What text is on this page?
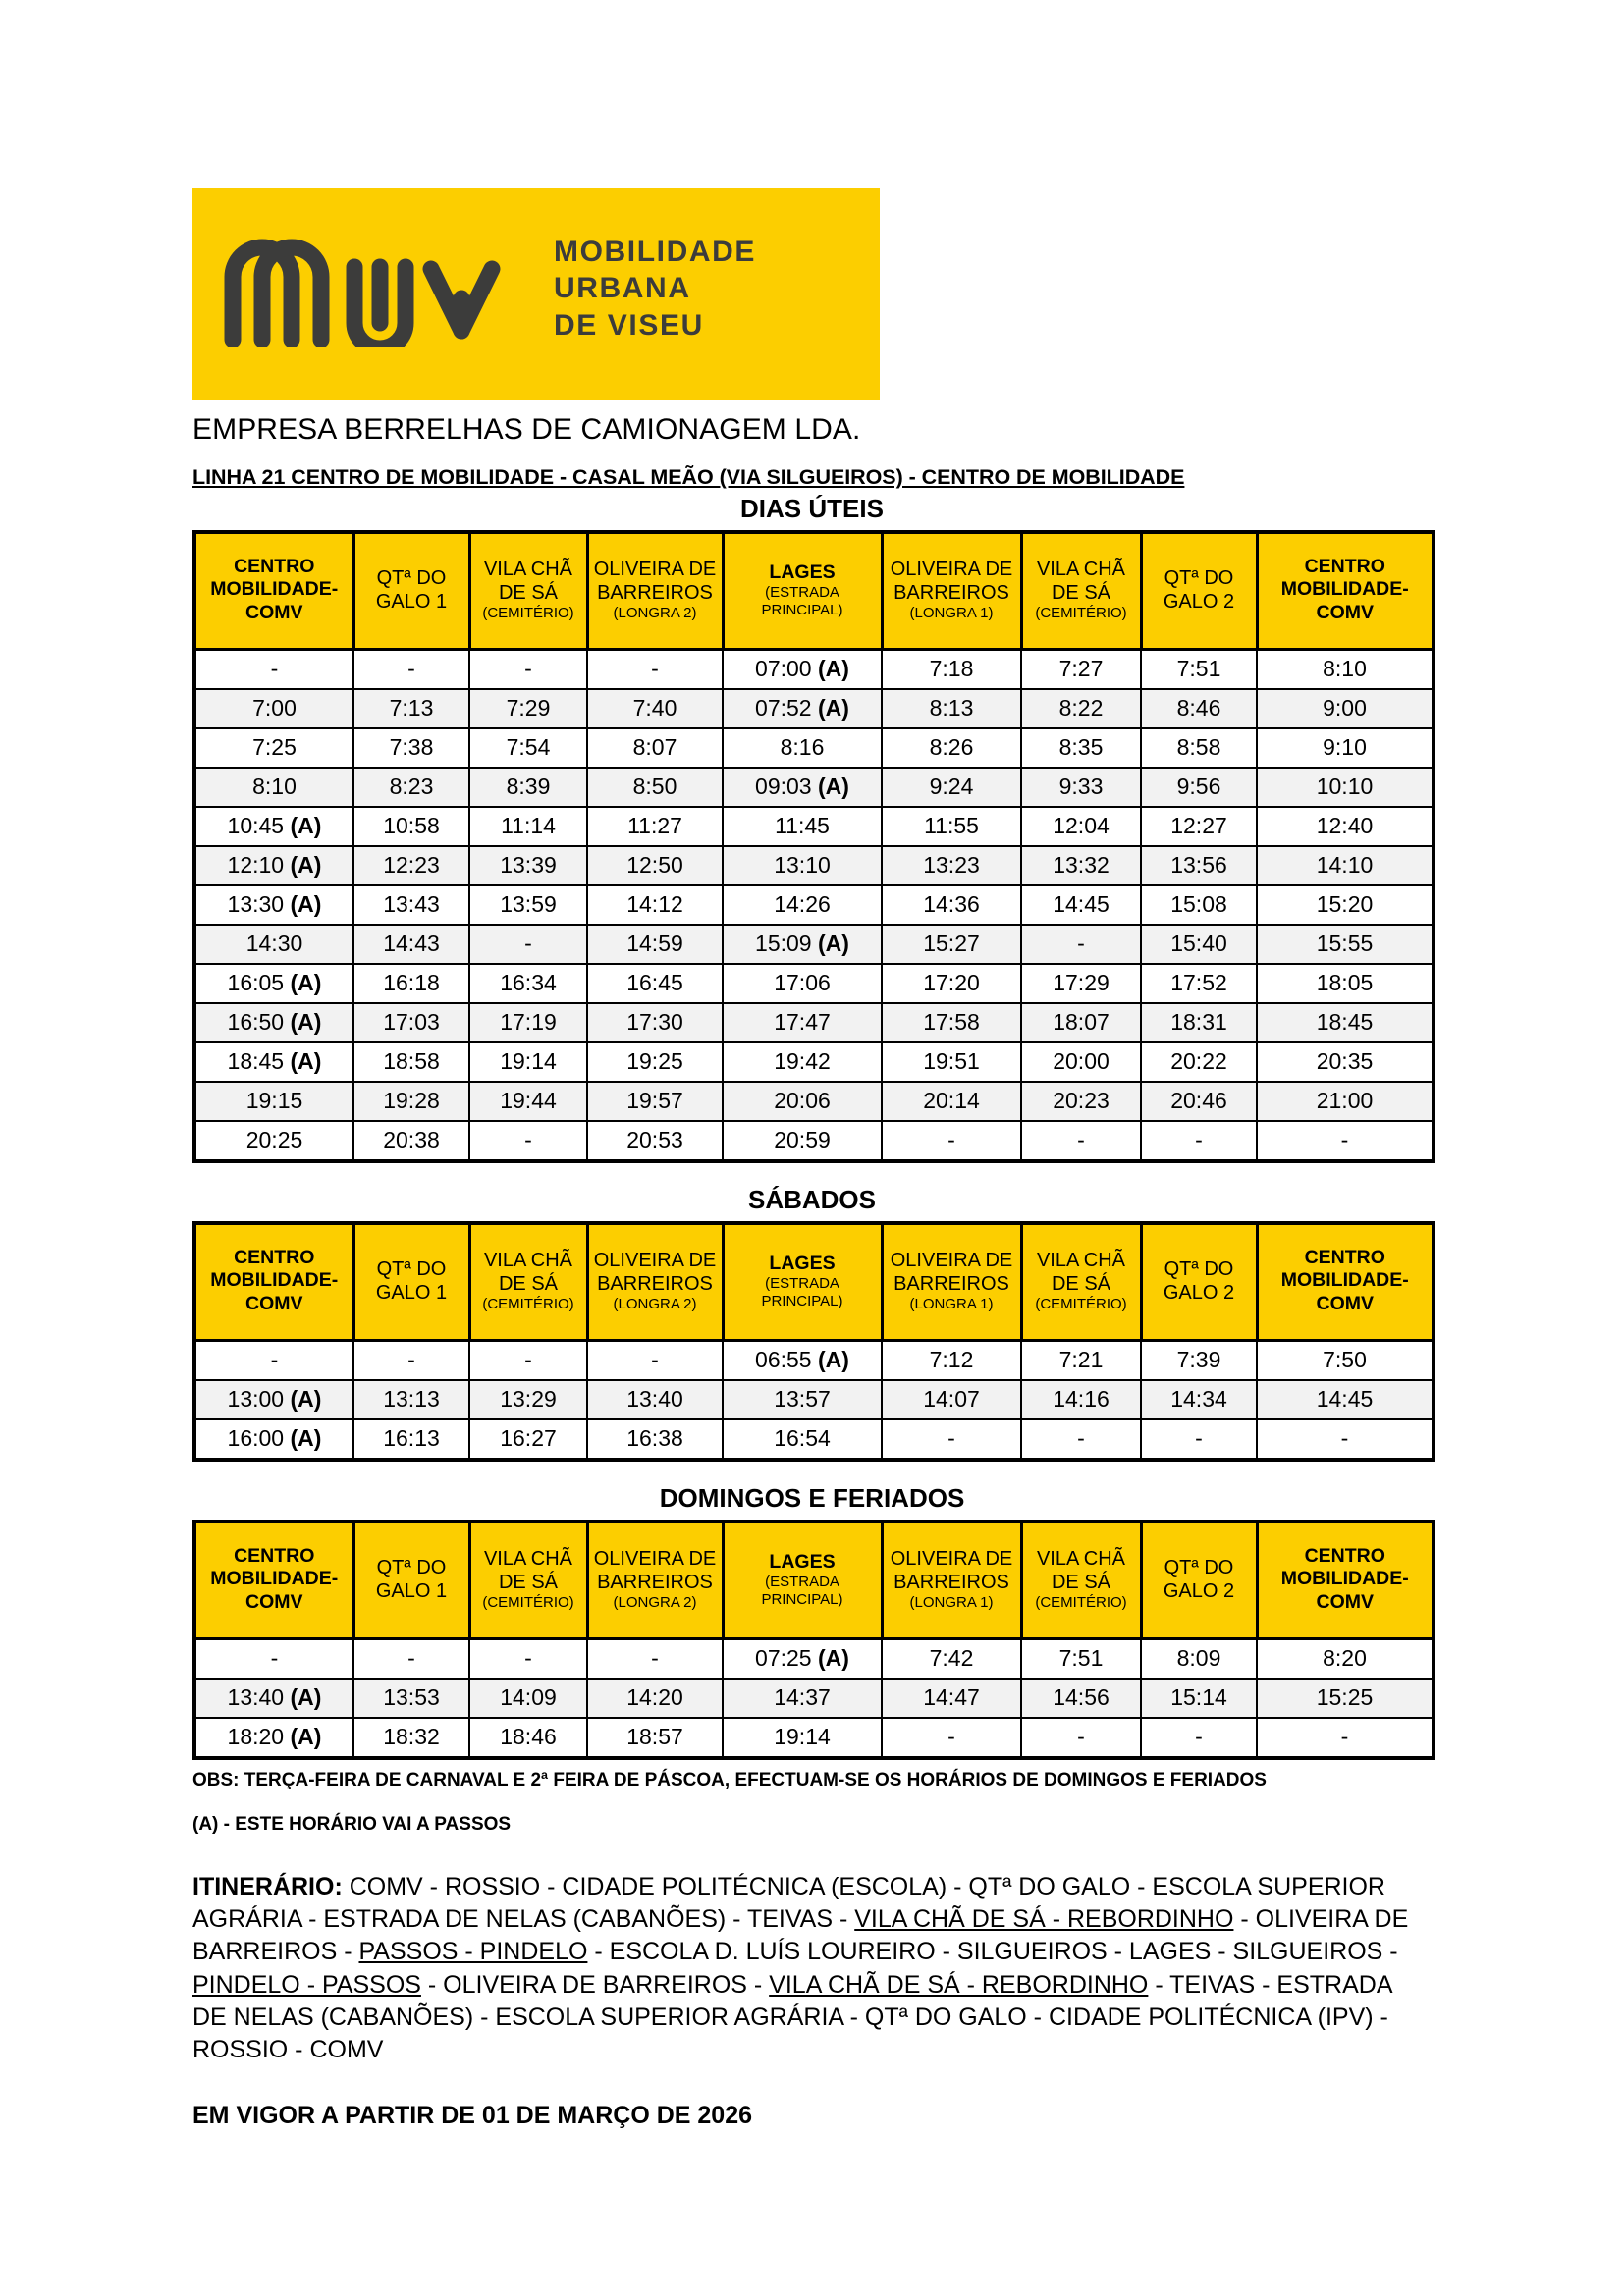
MOBILIDADE
URBANA
DE VISEU
EMPRESA BERRELHAS DE CAMIONAGEM LDA.
LINHA 21 CENTRO DE MOBILIDADE - CASAL MEÃO (VIA SILGUEIROS) - CENTRO DE MOBILIDADE
DIAS ÚTEIS
CENTRO
MOBILIDADE-
COMV	QTª DO
GALO 1	VILA CHÃ
DE SÁ
(CEMITÉRIO)	OLIVEIRA DE
BARREIROS
(LONGRA 2)	LAGES
(ESTRADA
PRINCIPAL)	OLIVEIRA DE
BARREIROS
(LONGRA 1)	VILA CHÃ
DE SÁ
(CEMITÉRIO)	QTª DO
GALO 2	CENTRO
MOBILIDADE-
COMV

-	-	-	-	07:00 (A)	7:18	7:27	7:51	8:10
7:00	7:13	7:29	7:40	07:52 (A)	8:13	8:22	8:46	9:00
7:25	7:38	7:54	8:07	8:16	8:26	8:35	8:58	9:10
8:10	8:23	8:39	8:50	09:03 (A)	9:24	9:33	9:56	10:10
10:45 (A)	10:58	11:14	11:27	11:45	11:55	12:04	12:27	12:40
12:10 (A)	12:23	13:39	12:50	13:10	13:23	13:32	13:56	14:10
13:30 (A)	13:43	13:59	14:12	14:26	14:36	14:45	15:08	15:20
14:30	14:43	-	14:59	15:09 (A)	15:27	-	15:40	15:55
16:05 (A)	16:18	16:34	16:45	17:06	17:20	17:29	17:52	18:05
16:50 (A)	17:03	17:19	17:30	17:47	17:58	18:07	18:31	18:45
18:45 (A)	18:58	19:14	19:25	19:42	19:51	20:00	20:22	20:35
19:15	19:28	19:44	19:57	20:06	20:14	20:23	20:46	21:00
20:25	20:38	-	20:53	20:59	-	-	-	-
SÁBADOS
CENTRO
MOBILIDADE-
COMV	QTª DO
GALO 1	VILA CHÃ
DE SÁ
(CEMITÉRIO)	OLIVEIRA DE
BARREIROS
(LONGRA 2)	LAGES
(ESTRADA
PRINCIPAL)	OLIVEIRA DE
BARREIROS
(LONGRA 1)	VILA CHÃ
DE SÁ
(CEMITÉRIO)	QTª DO
GALO 2	CENTRO
MOBILIDADE-
COMV

-	-	-	-	06:55 (A)	7:12	7:21	7:39	7:50
13:00 (A)	13:13	13:29	13:40	13:57	14:07	14:16	14:34	14:45
16:00 (A)	16:13	16:27	16:38	16:54	-	-	-	-
DOMINGOS E FERIADOS
CENTRO
MOBILIDADE-
COMV	QTª DO
GALO 1	VILA CHÃ
DE SÁ
(CEMITÉRIO)	OLIVEIRA DE
BARREIROS
(LONGRA 2)	LAGES
(ESTRADA
PRINCIPAL)	OLIVEIRA DE
BARREIROS
(LONGRA 1)	VILA CHÃ
DE SÁ
(CEMITÉRIO)	QTª DO
GALO 2	CENTRO
MOBILIDADE-
COMV

-	-	-	-	07:25 (A)	7:42	7:51	8:09	8:20
13:40 (A)	13:53	14:09	14:20	14:37	14:47	14:56	15:14	15:25
18:20 (A)	18:32	18:46	18:57	19:14	-	-	-	-
OBS: TERÇA-FEIRA DE CARNAVAL E 2ª FEIRA DE PÁSCOA, EFECTUAM-SE OS HORÁRIOS DE DOMINGOS E FERIADOS
(A) - ESTE HORÁRIO VAI A PASSOS
ITINERÁRIO: COMV - ROSSIO - CIDADE POLITÉCNICA (ESCOLA) - QTª DO GALO - ESCOLA SUPERIOR AGRÁRIA - ESTRADA DE NELAS (CABANÕES) - TEIVAS - VILA CHÃ DE SÁ - REBORDINHO - OLIVEIRA DE BARREIROS - PASSOS - PINDELO - ESCOLA D. LUÍS LOUREIRO - SILGUEIROS - LAGES - SILGUEIROS - PINDELO - PASSOS - OLIVEIRA DE BARREIROS - VILA CHÃ DE SÁ - REBORDINHO - TEIVAS - ESTRADA DE NELAS (CABANÕES) - ESCOLA SUPERIOR AGRÁRIA - QTª DO GALO - CIDADE POLITÉCNICA (IPV) - ROSSIO - COMV
EM VIGOR A PARTIR DE 01 DE MARÇO DE 2026
